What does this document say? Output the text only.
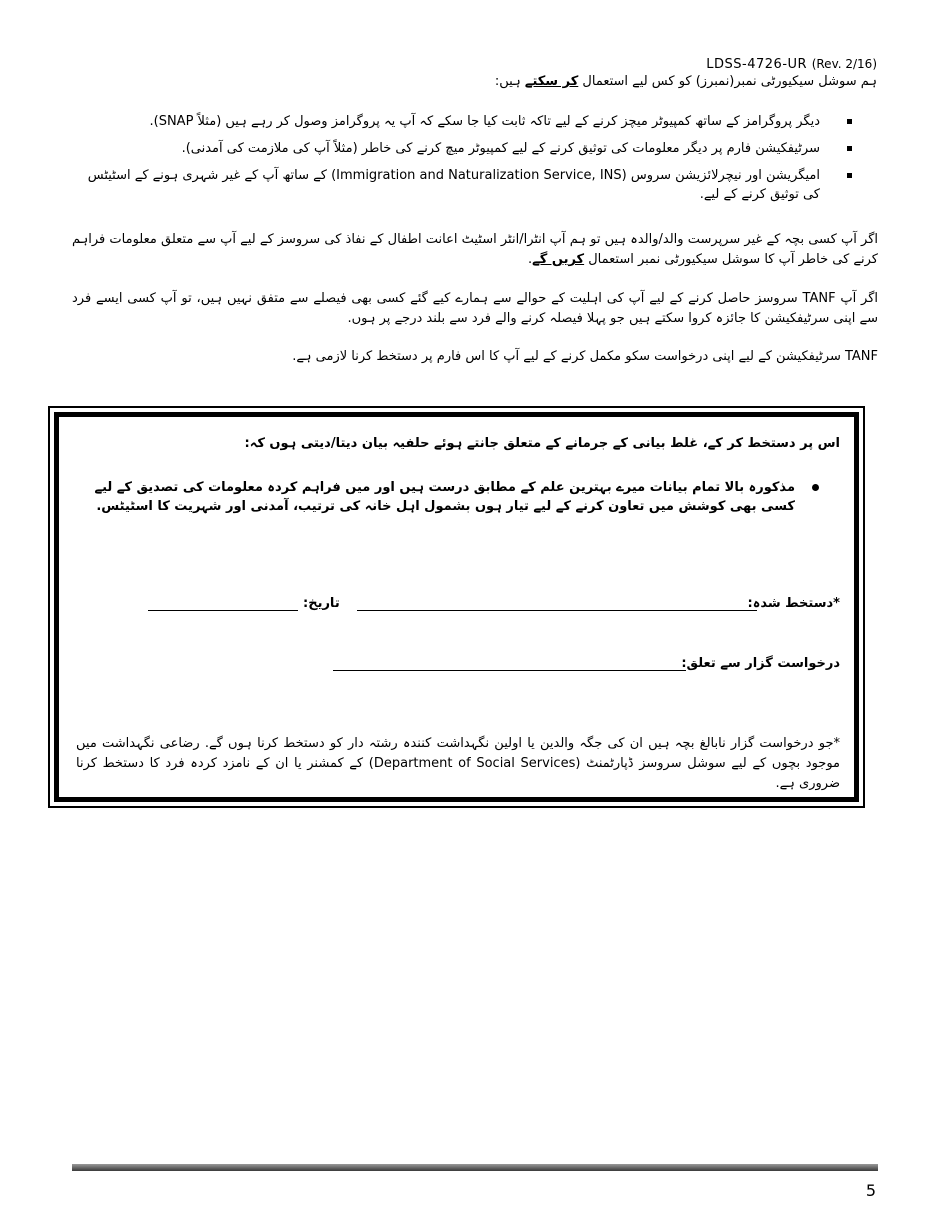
LDSS-4726-UR (Rev. 2/16)
ہم سوشل سیکیورٹی نمبر(نمبرز) کو کس لیے استعمال کر سکتے ہیں:
دیگر پروگرامز کے ساتھ کمپیوٹر میچز کرنے کے لیے تاکہ ثابت کیا جا سکے کہ آپ یہ پروگرامز وصول کر رہے ہیں (مثلاً SNAP).
سرٹیفکیشن فارم پر دیگر معلومات کی توثیق کرنے کے لیے کمپیوٹر میچ کرنے کی خاطر (مثلاً آپ کی ملازمت کی آمدنی).
امیگریشن اور نیچرلائزیشن سروس (Immigration and Naturalization Service, INS) کے ساتھ آپ کے غیر شہری ہونے کے اسٹیٹس کی توثیق کرنے کے لیے.
اگر آپ کسی بچہ کے غیر سرپرست والد/والدہ ہیں تو ہم آپ انٹرا/انٹر اسٹیٹ اعانت اطفال کے نفاذ کی سروسز کے لیے آپ سے متعلق معلومات فراہم کرنے کی خاطر آپ کا سوشل سیکیورٹی نمبر استعمال کریں گے.
اگر آپ TANF سروسز حاصل کرنے کے لیے آپ کی اہلیت کے حوالے سے ہمارے کیے گئے کسی بھی فیصلے سے متفق نہیں ہیں، تو آپ کسی ایسے فرد سے اپنی سرٹیفکیشن کا جائزہ کروا سکتے ہیں جو پہلا فیصلہ کرنے والے فرد سے بلند درجے پر ہوں.
TANF سرٹیفکیشن کے لیے اپنی درخواست سکو مکمل کرنے کے لیے آپ کا اس فارم پر دستخط کرنا لازمی ہے.
اس پر دستخط کر کے، غلط بیانی کے جرمانے کے متعلق جانتے ہوئے حلفیہ بیان دیتا/دیتی ہوں کہ:
مذکورہ بالا تمام بیانات میرے بہترین علم کے مطابق درست ہیں اور میں فراہم کردہ معلومات کی تصدیق کے لیے کسی بھی کوشش میں تعاون کرنے کے لیے تیار ہوں بشمول اہل خانہ کی ترتیب، آمدنی اور شہریت کا اسٹیٹس.
*دستخط شدہ:
تاریخ:
درخواست گزار سے تعلق:
*جو درخواست گزار نابالغ بچہ ہیں ان کی جگہ والدین یا اولین نگہداشت کنندہ رشتہ دار کو دستخط کرنا ہوں گے. رضاعی نگہداشت میں موجود بچوں کے لیے سوشل سروسز ڈپارٹمنٹ (Department of Social Services) کے کمشنر یا ان کے نامزد کردہ فرد کا دستخط کرنا ضروری ہے.
5
